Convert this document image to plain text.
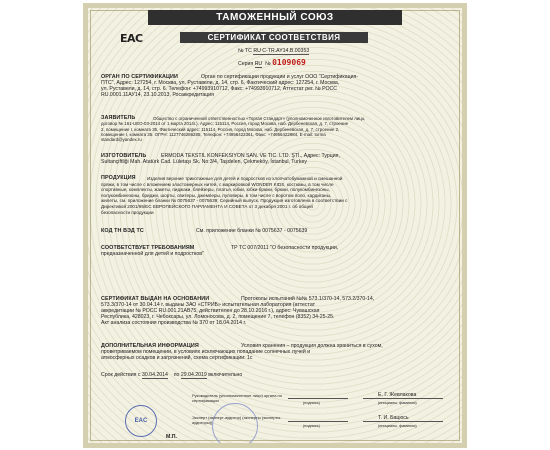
ТАМОЖЕННЫЙ СОЮЗ
EAC	СЕРТИФИКАТ СООТВЕТСТВИЯ
№ ТС RU C-TR.AY14.B.00353
Серия RU № 0109069
ОРГАН ПО СЕРТИФИКАЦИИ	Орган по сертификации продукции и услуг ООО "Сертификация-
ПТС", Адрес: 127254, г. Москва, ул. Руставели, д. 14, стр. 6, Фактический адрес: 127254, г. Москва,
ул. Руставели, д. 14, стр. 6. Телефон: +74993910712, Факс: +74993910712, Аттестат рег. № РОСС
RU.0001.11АУ14, 23.10.2013, Росаккредитация
ЗАЯВИТЕЛЬ	Общество с ограниченной ответственностью «Торгая Стандарт» (уполномоченное изготовителем лицо,
договор № 161-UEO-03-2014 от 1 марта 2014г.). Адрес: 115114, Россия, город Москва, наб. Дербеневская, д. 7, строение
2, помещение I, комната 35, Фактический адрес: 115114, Россия, город Москва, наб. Дербеневская, д. 7, строение 2,
помещение I, комната 35. ОГРН: 1127746286285, Телефон: +74956422361, Факс: +74956422984, E-mail: torma
standard@yandex.ru
ИЗГОТОВИТЕЛЬ	ERMODA TEKSTIL KONFEKSIYON SAN. VE TIC. LTD. ŞTİ., Адрес: Турция,
Sultançiftliği Mah. Atatürk Cad. Lületaşı Sk. No:3/4, Taşdelen, Çekmeköy, İstanbul, Turkey
ПРОДУКЦИЯ	Изделия верхние трикотажные для детей и подростков из хлопчатобумажной и смешанной
пряжи, в том числе с вложением эластомерных нитей, с маркировкой WONDER KIDS, костюмы, в том числе
спортивные, комплекты, жакеты, пиджаки, блейзеры, платья, юбки, юбки-брюки, брюки, полукомбинезоны,
полукомбинезоны, бриджи, шорты, свитеры, джемперы, пуловеры, в том числе с воротом поло, кардиганы,
жилеты, см. приложение бланки № 0075637 - 0075639; Серийный выпуск. Продукция изготовлена в соответствии с
Директивой 2001/95/ЕС ЕВРОПЕЙСКОГО ПАРЛАМЕНТА И СОВЕТА от 3 декабря 2001 г. об общей
безопасности продукции
КОД ТН ВЭД ТС	См. приложение бланки № 0075637 - 0075639
СООТВЕТСТВУЕТ ТРЕБОВАНИЯМ	ТР ТС 007/2011 "О безопасности продукции,
предназначенной для детей и подростков"
СЕРТИФИКАТ ВЫДАН НА ОСНОВАНИИ	Протоколы испытаний №№ 573.1/370-14, 573.2/370-14,
573.3/370-14 от 30.04.14 г. выданы ЗАО «СТРИБ» испытательная лаборатория (аттестат
аккредитации № РОСС RU.001.21АВ75, действителен до 28.10.2016 г.), адрес: Чувашская
Республика, 428023, г. Чебоксары, ул. Ломоносова, д. 2, помещение 7, телефон (8352) 34-25-25.
Акт анализа состояния производства № 370 от 18.04.2014 г.
ДОПОЛНИТЕЛЬНАЯ ИНФОРМАЦИЯ	Условия хранения – продукция должна храниться в сухом,
проветриваемом помещении, в условиях исключающих попадание солнечных лучей и
атмосферных осадков и загрязнений, схема сертификации: 1с
Срок действия с 30.04.2014 по 29.04.2019 включительно
EAC
М.П.
Руководитель (уполномоченное лицо) органа по сертификации
(подпись)
Е. Г. Жевлакова
(инициалы, фамилия)
Эксперт (эксперт-аудитор) (эксперты (эксперты-аудиторы))
(подпись)
Т. И. Бацюсь
(инициалы, фамилия)
